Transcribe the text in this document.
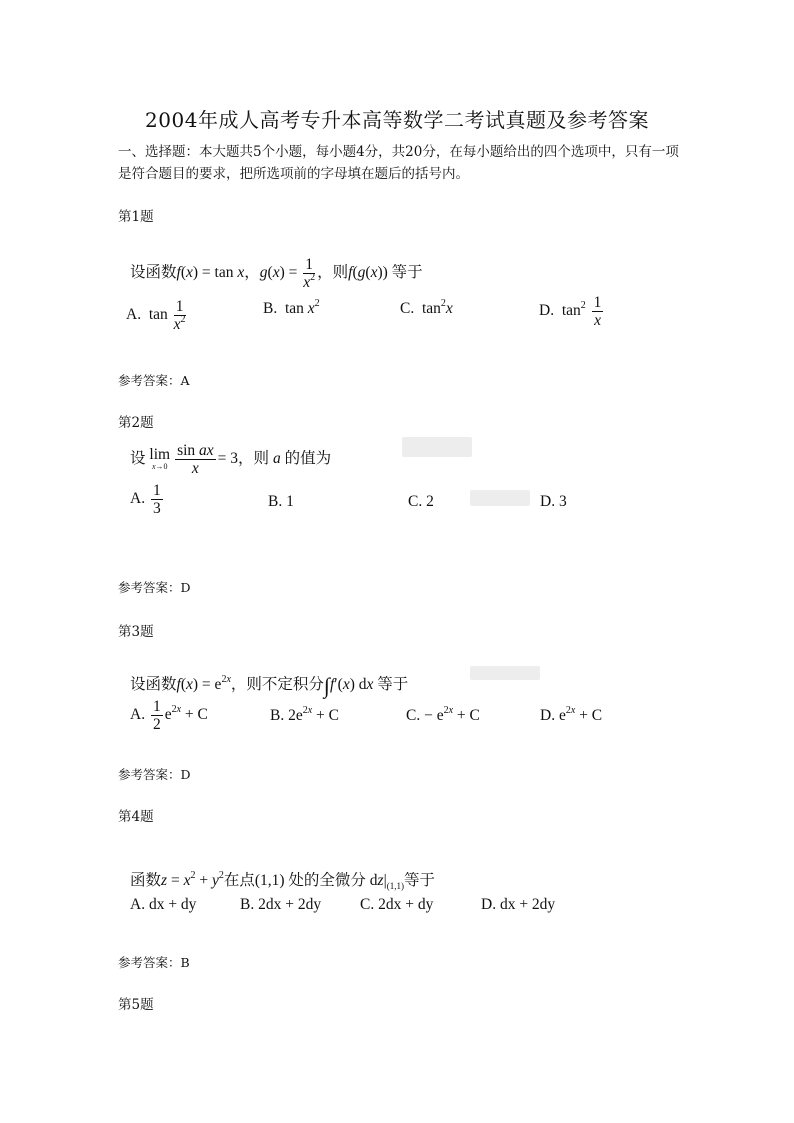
2004年成人高考专升本高等数学二考试真题及参考答案
一、选择题：本大题共5个小题，每小题4分，共20分，在每小题给出的四个选项中，只有一项是符合题目的要求，把所选项前的字母填在题后的括号内。
第1题
设函数f(x) = tan x，$g(x) = \frac{1}{x^2}$ ，则f(g(x)) 等于
A.  $\tan \frac{1}{x^2}$	B.  $\tan x^2$	C.  $\tan^2x$	D.  $\tan^2 \frac{1}{x}$
参考答案：A
第2题
设 lim
$x\to 0 \frac{\text{sin ax}}{x} = 3$，则 a 的值为
A. $\frac{1}{3}$	B. 1	C. 2	D. 3
参考答案：D
第3题
设函数$f(x) = e^{2x}$，则不定积分∫f′(x) dx 等于
A. $\frac{1}{2} e^{2x} + C$	B. $2e^{2x} + C$	C. − $e^{2x} + C$	D. $e^{2x} + C$
参考答案：D
第4题
函数$z = x^2 + y^2$在点(1,1) 处的全微分 $dz|_{(1,1)}$等于
A. dx + dy	B. 2dx + 2dy	C. 2dx + dy	D. dx + 2dy
参考答案：B
第5题
